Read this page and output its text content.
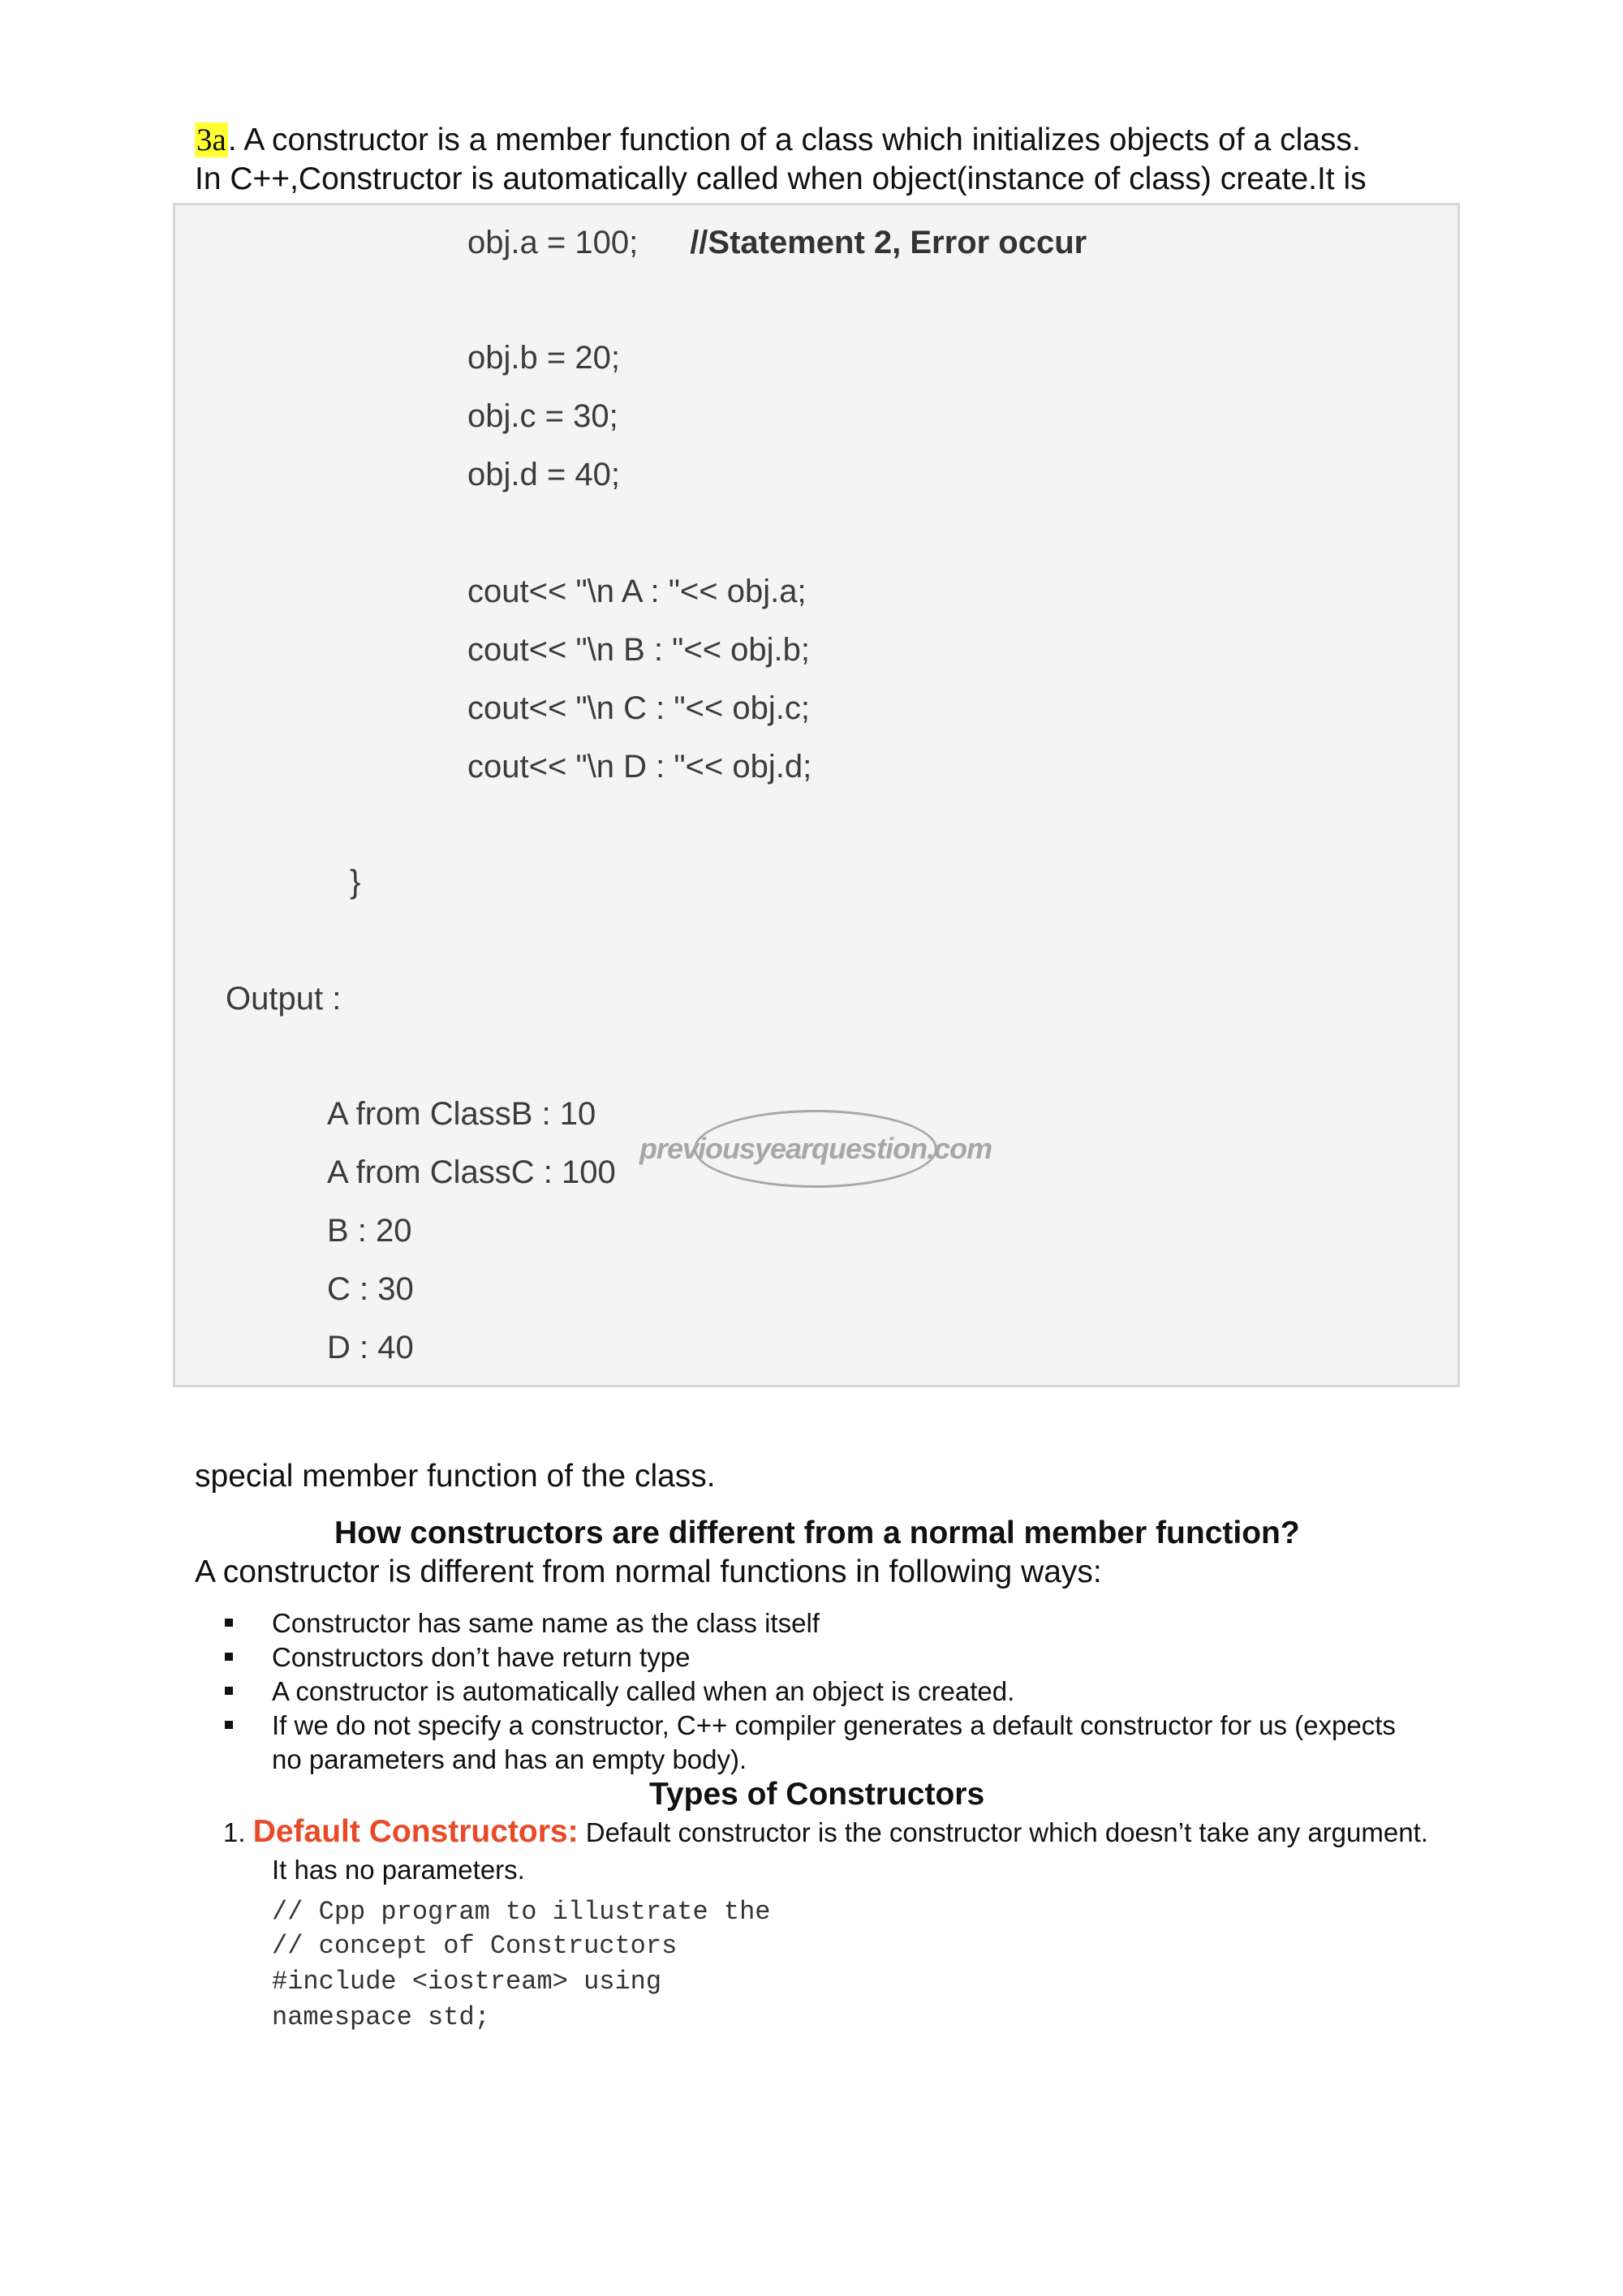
3a. A constructor is a member function of a class which initializes objects of a class.
In C++,Constructor is automatically called when object(instance of class) create.It is
obj.a = 100; //Statement 2, Error occur
obj.b = 20;
obj.c = 30;
obj.d = 40;
cout<< "\n A : "<< obj.a;
cout<< "\n B : "<< obj.b;
cout<< "\n C : "<< obj.c;
cout<< "\n D : "<< obj.d;
}
Output :
A from ClassB : 10
A from ClassC : 100
B : 20
C : 30
D : 40
previousyearquestion.com
special member function of the class.
How constructors are different from a normal member function?
A constructor is different from normal functions in following ways:
Constructor has same name as the class itself
Constructors don’t have return type
A constructor is automatically called when an object is created.
If we do not specify a constructor, C++ compiler generates a default constructor for us (expects no parameters and has an empty body).
Types of Constructors
1. Default Constructors: Default constructor is the constructor which doesn’t take any argument.
It has no parameters.
// Cpp program to illustrate the
// concept of Constructors
#include <iostream> using
namespace std;
